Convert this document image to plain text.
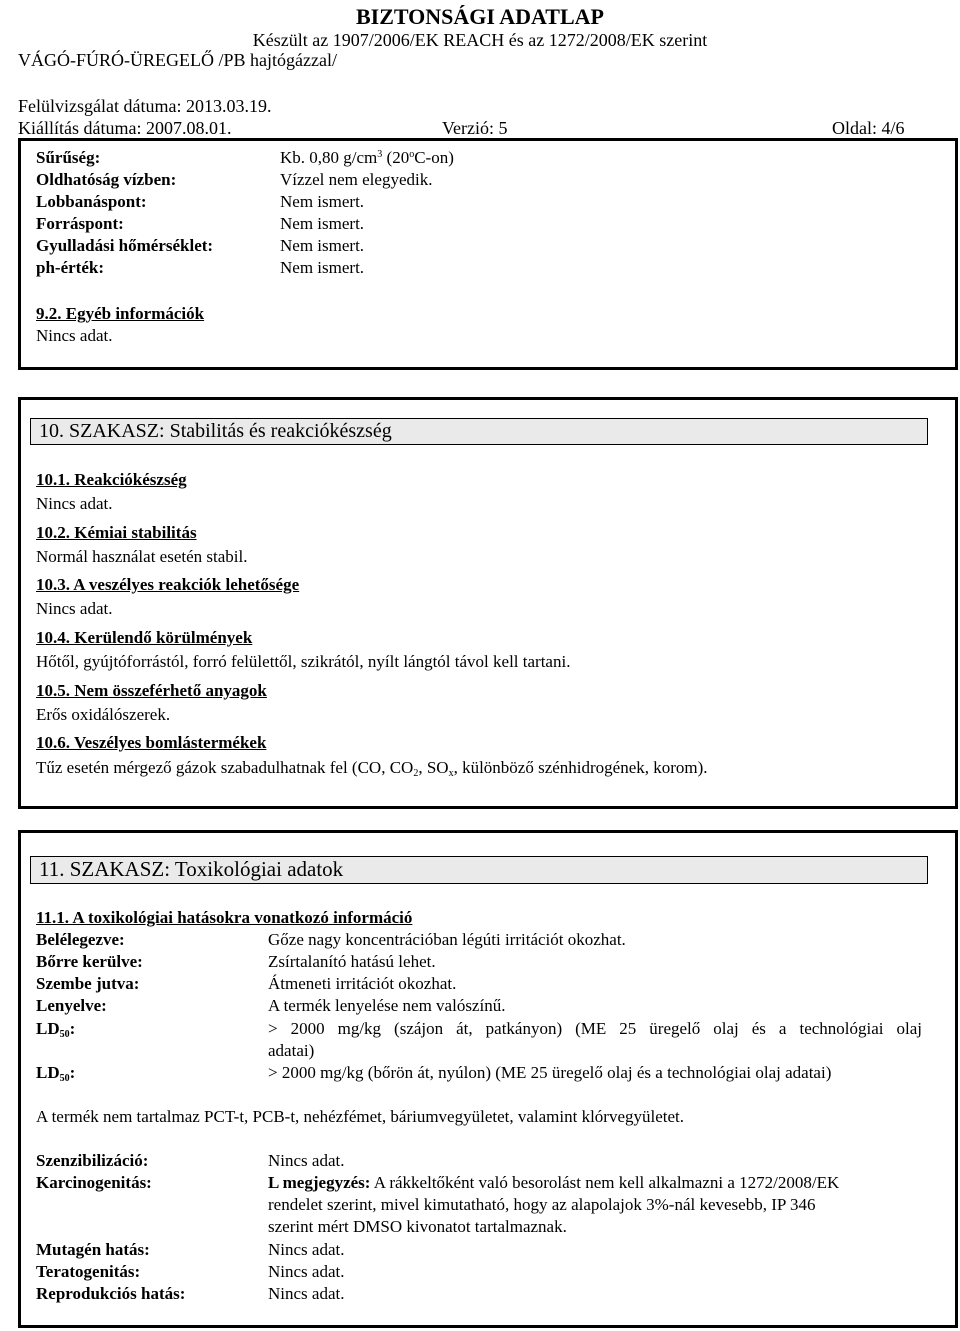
BIZTONSÁGI ADATLAP
Készült az 1907/2006/EK REACH és az 1272/2008/EK szerint
VÁGÓ-FÚRÓ-ÜREGELŐ /PB hajtógázzal/
Felülvizsgálat dátuma: 2013.03.19.
Kiállítás dátuma: 2007.08.01.	Verzió: 5	Oldal: 4/6
Sűrűség:	Kb. 0,80 $g/cm^3$ (20$^o$C-on)
Oldhatóság vízben:	Vízzel nem elegyedik.
Lobbanáspont:	Nem ismert.
Forráspont:	Nem ismert.
Gyulladási hőmérséklet:	Nem ismert.
ph-érték:	Nem ismert.
9.2. Egyéb információk
Nincs adat.
10. SZAKASZ: Stabilitás és reakciókészség
10.1. Reakciókészség
Nincs adat.
10.2. Kémiai stabilitás
Normál használat esetén stabil.
10.3. A veszélyes reakciók lehetősége
Nincs adat.
10.4. Kerülendő körülmények
Hőtől, gyújtóforrástól, forró felülettől, szikrától, nyílt lángtól távol kell tartani.
10.5. Nem összeférhető anyagok
Erős oxidálószerek.
10.6. Veszélyes bomlástermékek
Tűz esetén mérgező gázok szabadulhatnak fel (CO, $CO_2$, $SO_x$, különböző szénhidrogének, korom).
11. SZAKASZ: Toxikológiai adatok
11.1. A toxikológiai hatásokra vonatkozó információ
Belélegezve:	Gőze nagy koncentrációban légúti irritációt okozhat.
Bőrre kerülve:	Zsírtalanító hatású lehet.
Szembe jutva:	Átmeneti irritációt okozhat.
Lenyelve:	A termék lenyelése nem valószínű.
$LD_{50}$:	> 2000 mg/kg (szájon át, patkányon) (ME 25 üregelő olaj és a technológiai olaj
adatai)
$LD_{50}$:	> 2000 mg/kg (bőrön át, nyúlon) (ME 25 üregelő olaj és a technológiai olaj adatai)
A termék nem tartalmaz PCT-t, PCB-t, nehézfémet, báriumvegyületet, valamint klórvegyületet.
Szenzibilizáció:	Nincs adat.
Karcinogenitás:	L megjegyzés: A rákkeltőként való besorolást nem kell alkalmazni a 1272/2008/EK
rendelet szerint, mivel kimutatható, hogy az alapolajok 3%-nál kevesebb, IP 346
szerint mért DMSO kivonatot tartalmaznak.
Mutagén hatás:	Nincs adat.
Teratogenitás:	Nincs adat.
Reprodukciós hatás:	Nincs adat.
